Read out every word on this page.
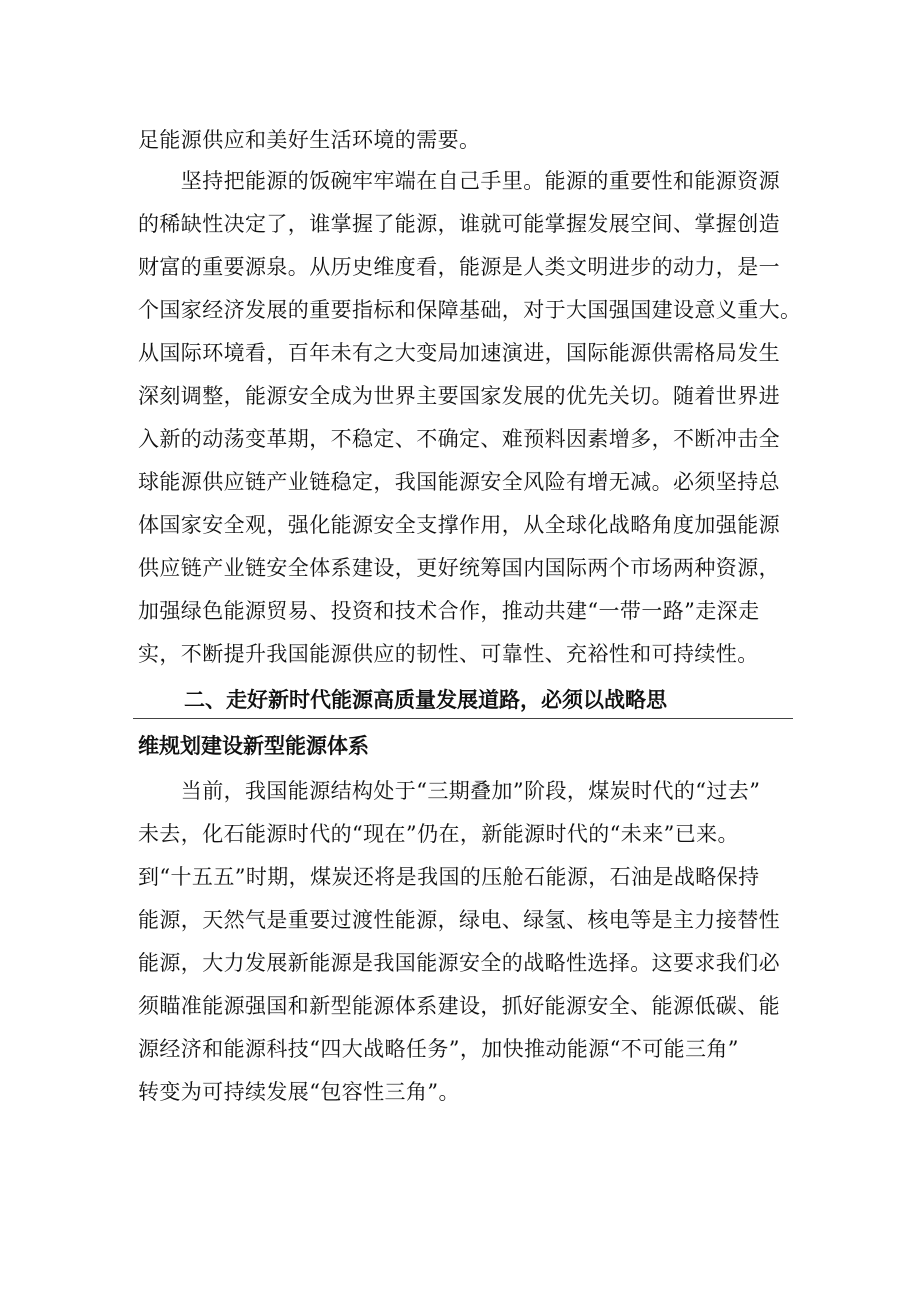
足能源供应和美好生活环境的需要。
　　坚持把能源的饭碗牢牢端在自己手里。能源的重要性和能源资源
的稀缺性决定了，谁掌握了能源，谁就可能掌握发展空间、掌握创造
财富的重要源泉。从历史维度看，能源是人类文明进步的动力，是一
个国家经济发展的重要指标和保障基础，对于大国强国建设意义重大。
从国际环境看，百年未有之大变局加速演进，国际能源供需格局发生
深刻调整，能源安全成为世界主要国家发展的优先关切。随着世界进
入新的动荡变革期，不稳定、不确定、难预料因素增多，不断冲击全
球能源供应链产业链稳定，我国能源安全风险有增无减。必须坚持总
体国家安全观，强化能源安全支撑作用，从全球化战略角度加强能源
供应链产业链安全体系建设，更好统筹国内国际两个市场两种资源，
加强绿色能源贸易、投资和技术合作，推动共建“一带一路”走深走
实，不断提升我国能源供应的韧性、可靠性、充裕性和可持续性。
二、走好新时代能源高质量发展道路，必须以战略思
维规划建设新型能源体系
　　当前，我国能源结构处于“三期叠加”阶段，煤炭时代的“过去”
未去，化石能源时代的“现在”仍在，新能源时代的“未来”已来。
到“十五五”时期，煤炭还将是我国的压舱石能源，石油是战略保持
能源，天然气是重要过渡性能源，绿电、绿氢、核电等是主力接替性
能源，大力发展新能源是我国能源安全的战略性选择。这要求我们必
须瞄准能源强国和新型能源体系建设，抓好能源安全、能源低碳、能
源经济和能源科技“四大战略任务”，加快推动能源“不可能三角”
转变为可持续发展“包容性三角”。
